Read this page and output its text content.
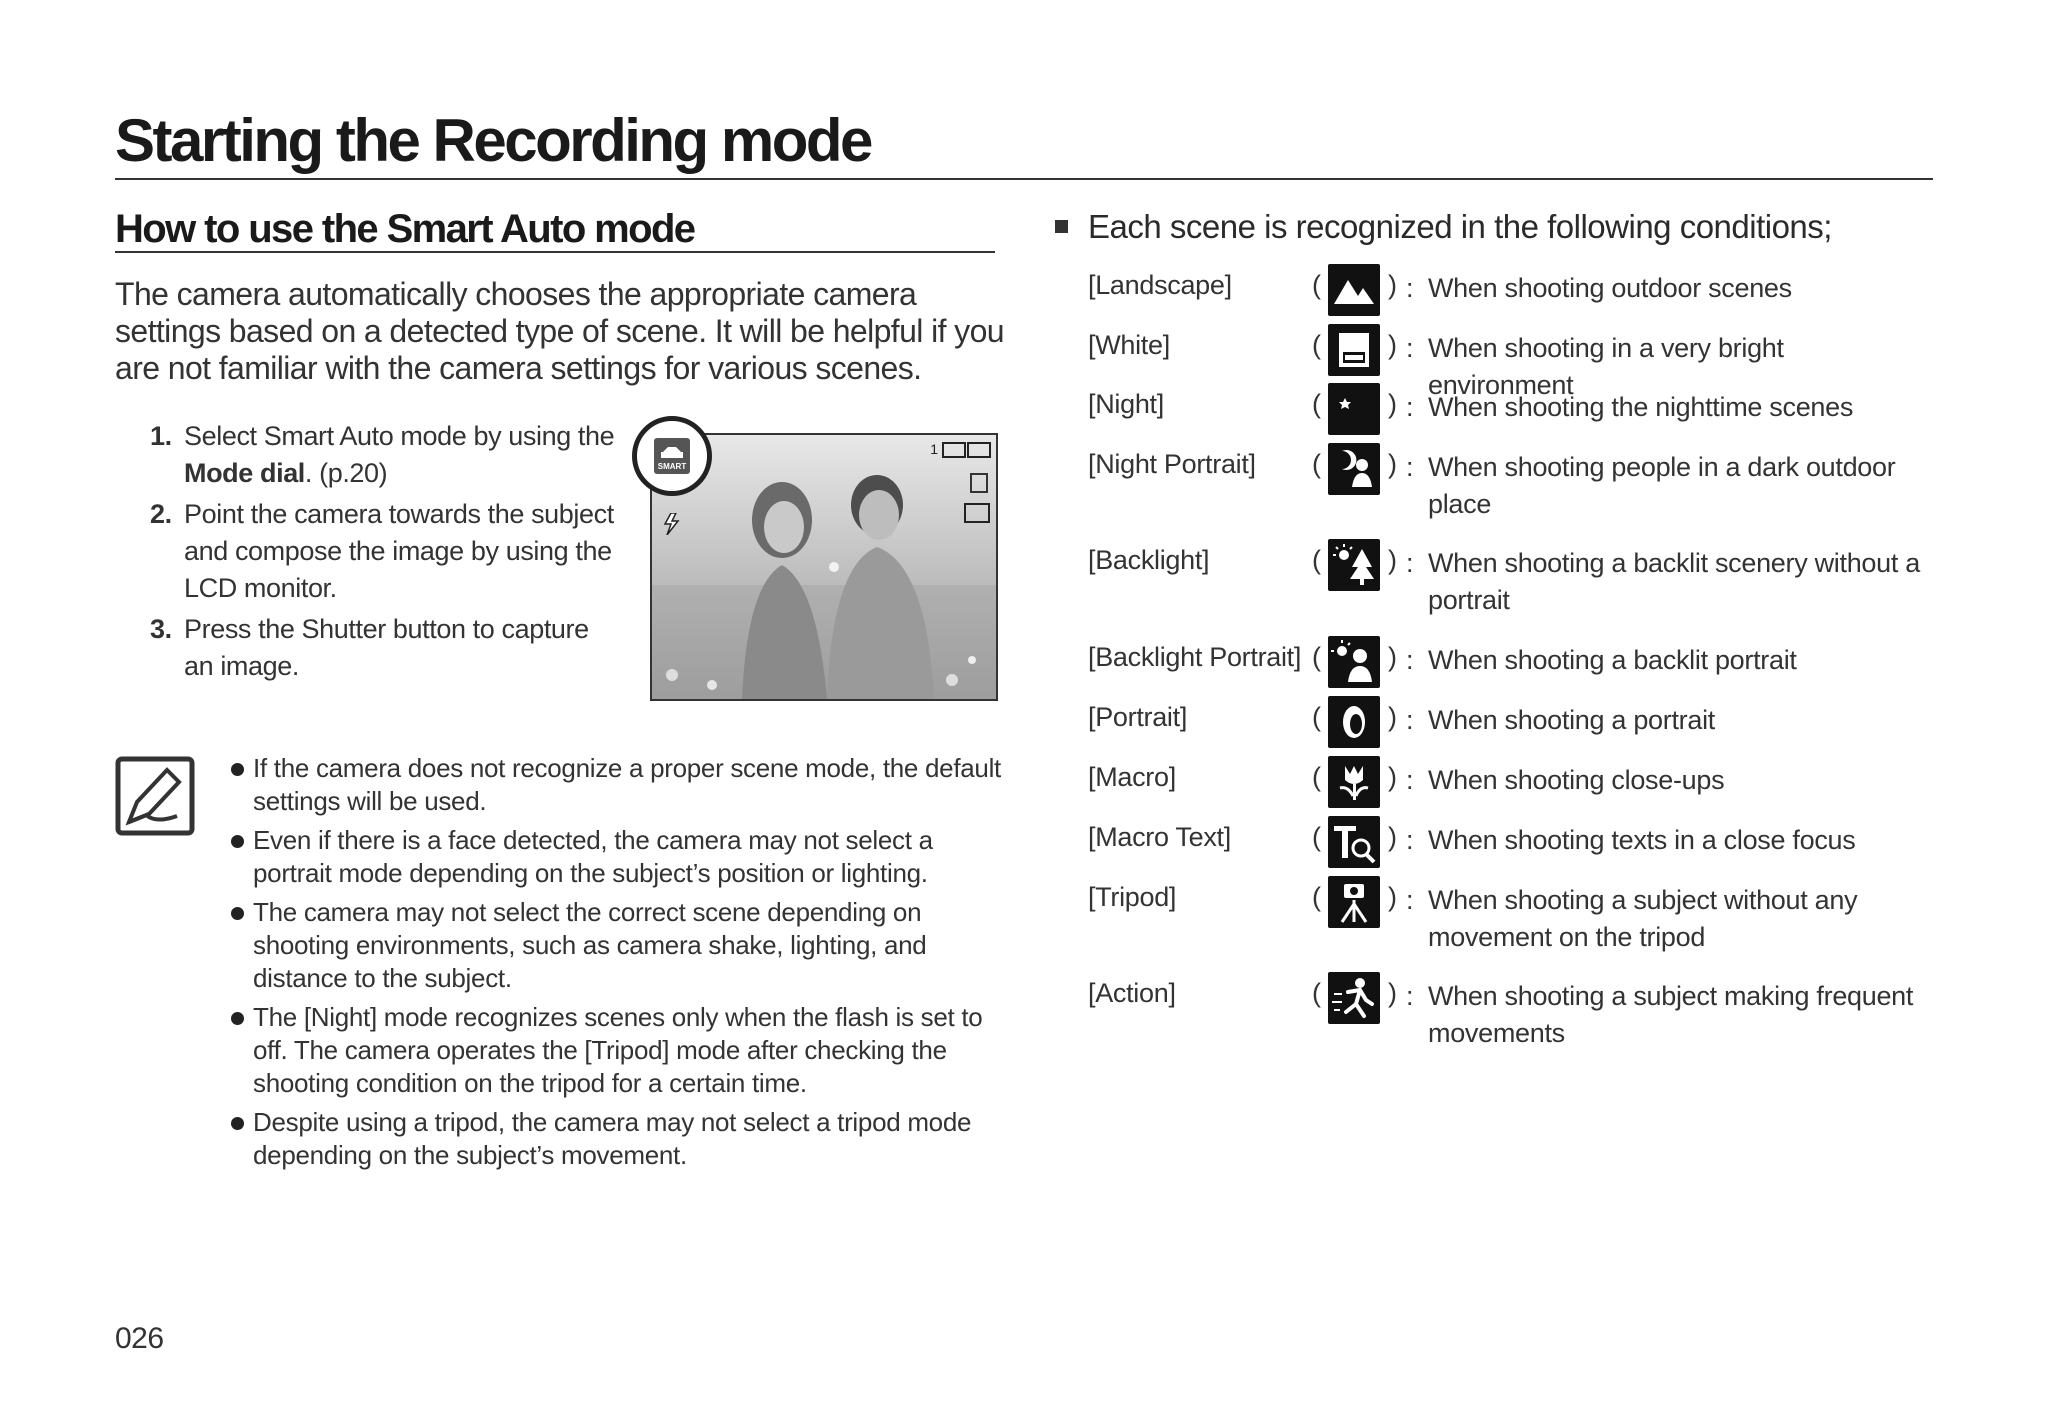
Starting the Recording mode
How to use the Smart Auto mode

The camera automatically chooses the appropriate camera settings based on a detected type of scene. It will be helpful if you are not familiar with the camera settings for various scenes.

1. Select Smart Auto mode by using the Mode dial. (p.20)
2. Point the camera towards the subject and compose the image by using the LCD monitor.
3. Press the Shutter button to capture an image.
1
SMART
If the camera does not recognize a proper scene mode, the default settings will be used.
Even if there is a face detected, the camera may not select a portrait mode depending on the subject’s position or lighting.
The camera may not select the correct scene depending on shooting environments, such as camera shake, lighting, and distance to the subject.
The [Night] mode recognizes scenes only when the flash is set to off. The camera operates the [Tripod] mode after checking the shooting condition on the tripod for a certain time.
Despite using a tripod, the camera may not select a tripod mode depending on the subject’s movement.
026
Each scene is recognized in the following conditions;
[Landscape]	( ) : When shooting outdoor scenes
[White]	( ) : When shooting in a very bright environment
[Night]	( ) : When shooting the nighttime scenes
[Night Portrait] ( ) : When shooting people in a dark outdoor place
[Backlight]	( ) : When shooting a backlit scenery without a portrait
[Backlight Portrait] ( ) : When shooting a backlit portrait
[Portrait]	( ) : When shooting a portrait
[Macro]	( ) : When shooting close-ups
[Macro Text]	( ) : When shooting texts in a close focus
[Tripod]	( ) : When shooting a subject without any movement on the tripod
[Action]	( ) : When shooting a subject making frequent movements
